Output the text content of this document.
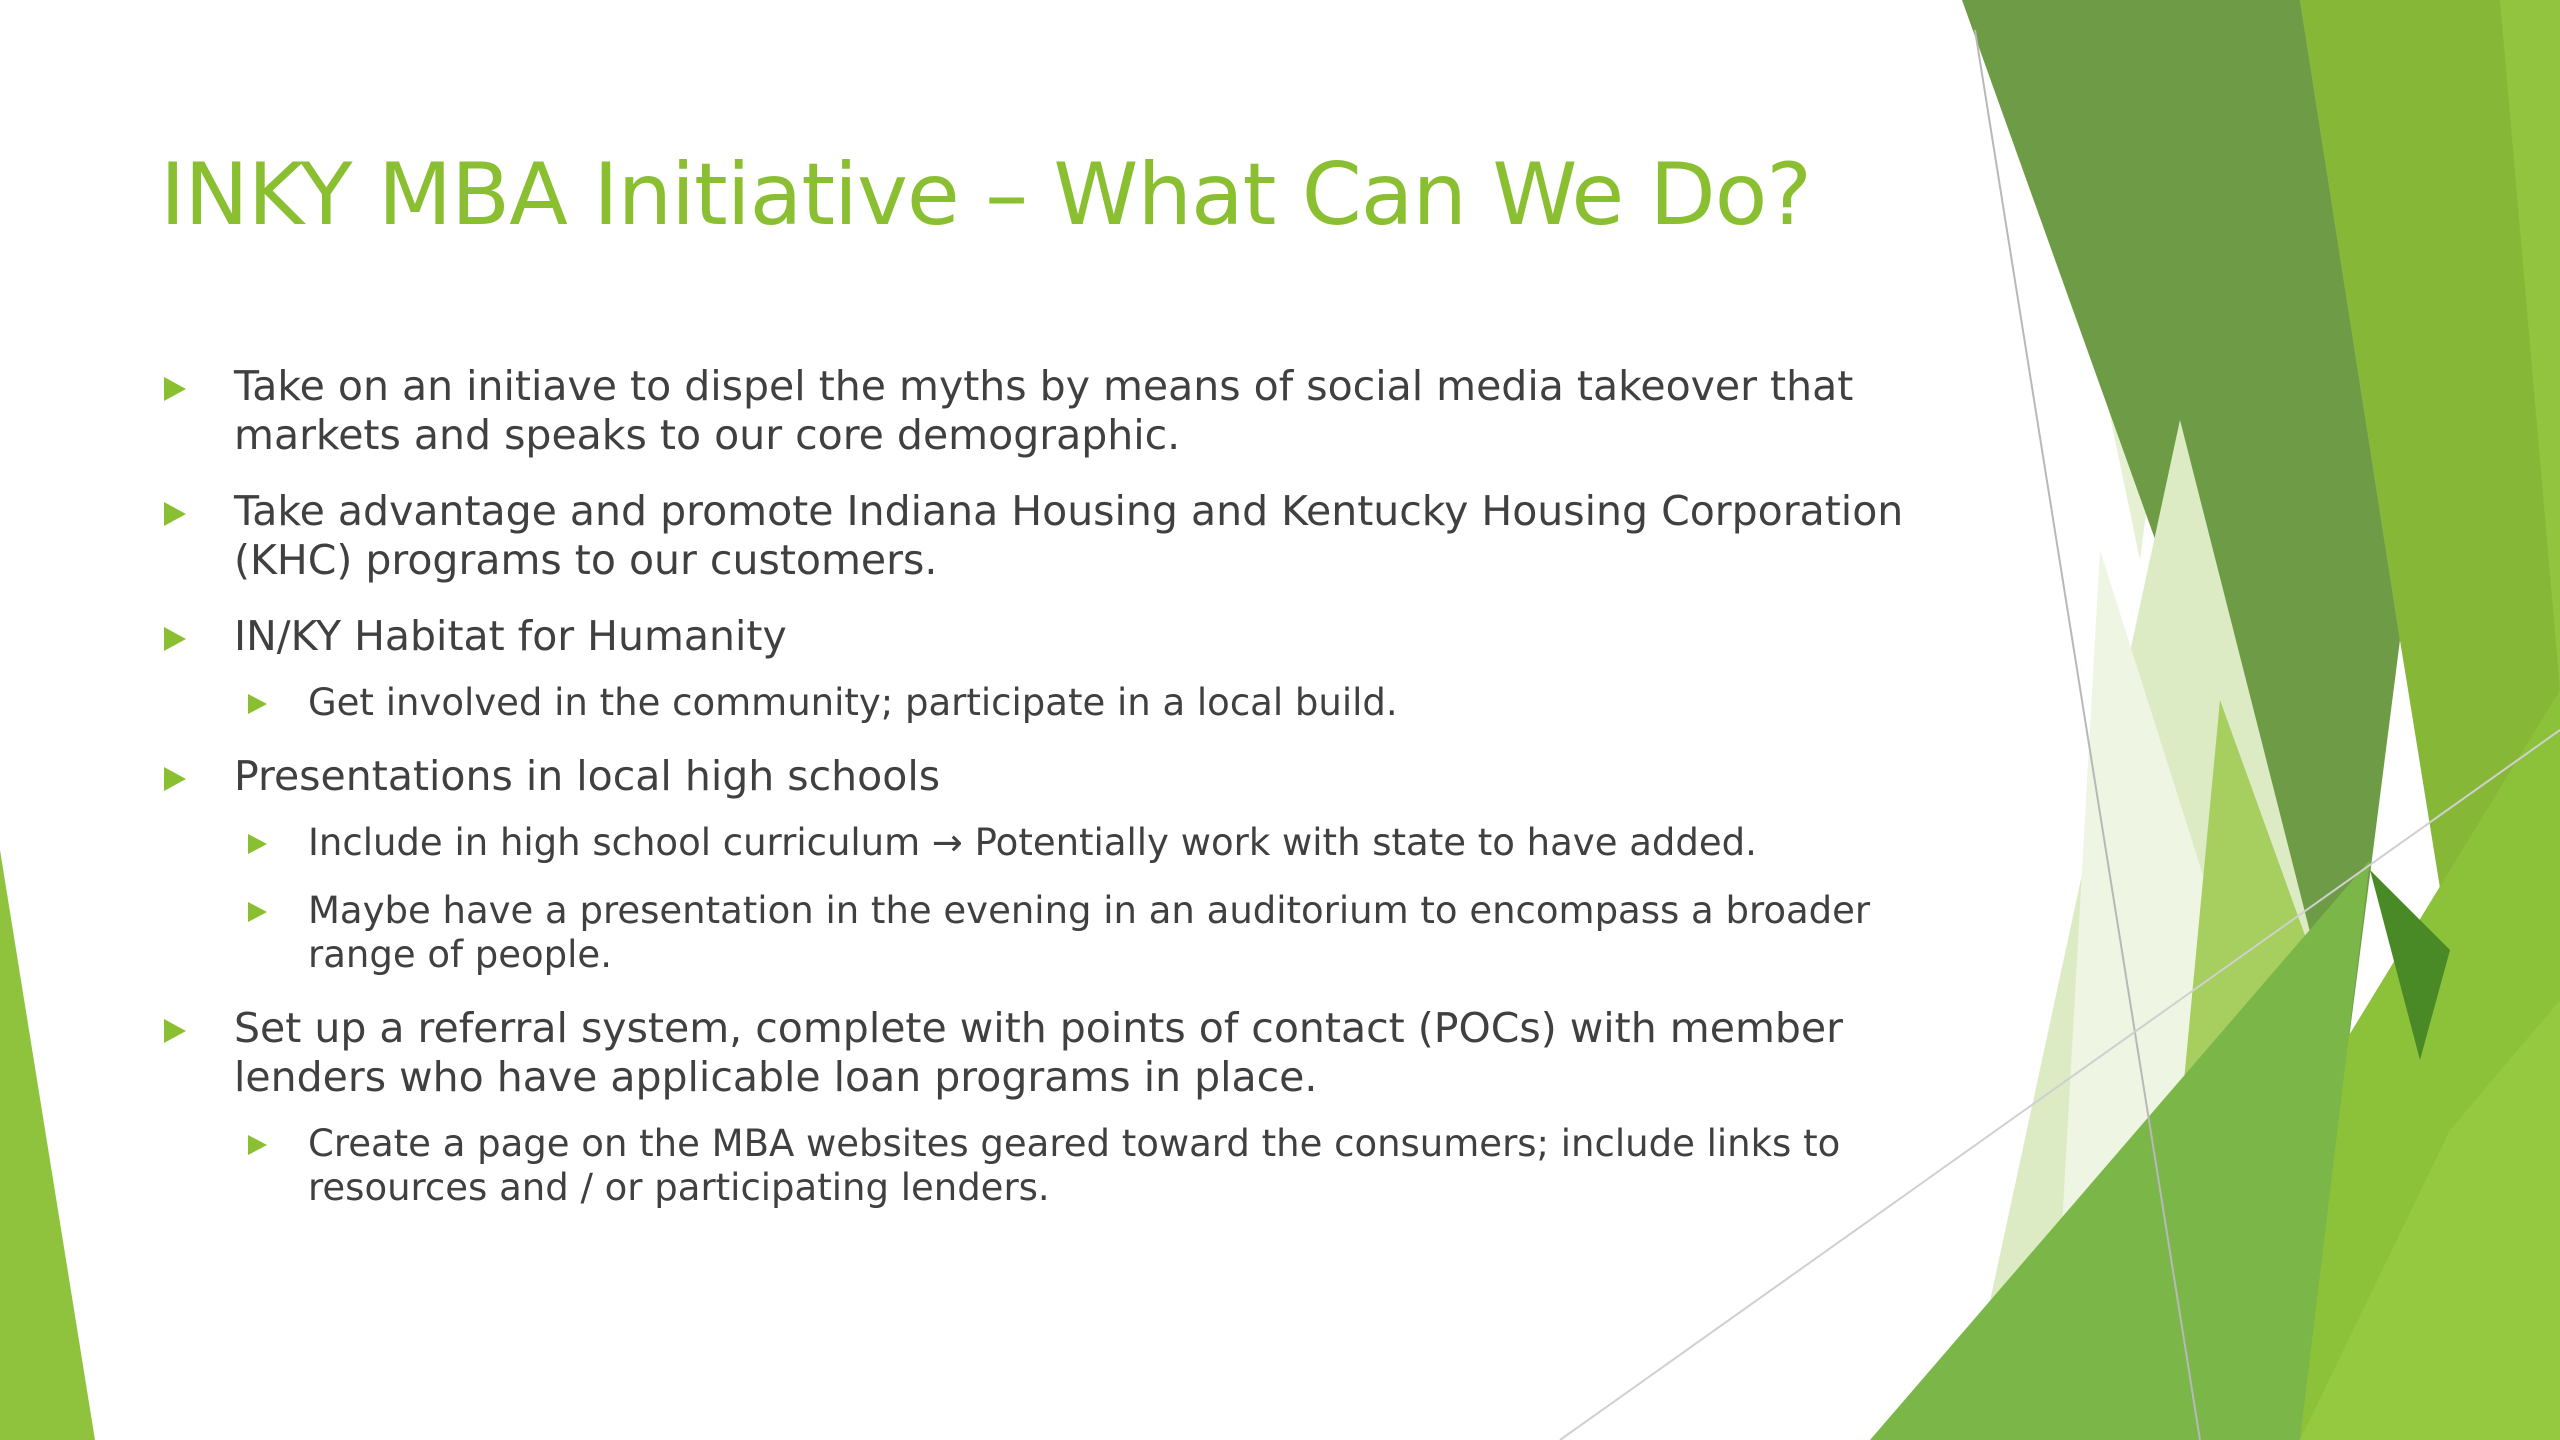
INKY MBA Initiative – What Can We Do?
Take on an initiave to dispel the myths by means of social media takeover that markets and speaks to our core demographic.
Take advantage and promote Indiana Housing and Kentucky Housing Corporation (KHC) programs to our customers.
IN/KY Habitat for Humanity
Get involved in the community; participate in a local build.
Presentations in local high schools
Include in high school curriculum → Potentially work with state to have added.
Maybe have a presentation in the evening in an auditorium to encompass a broader range of people.
Set up a referral system, complete with points of contact (POCs) with member lenders who have applicable loan programs in place.
Create a page on the MBA websites geared toward the consumers; include links to resources and / or participating lenders.
